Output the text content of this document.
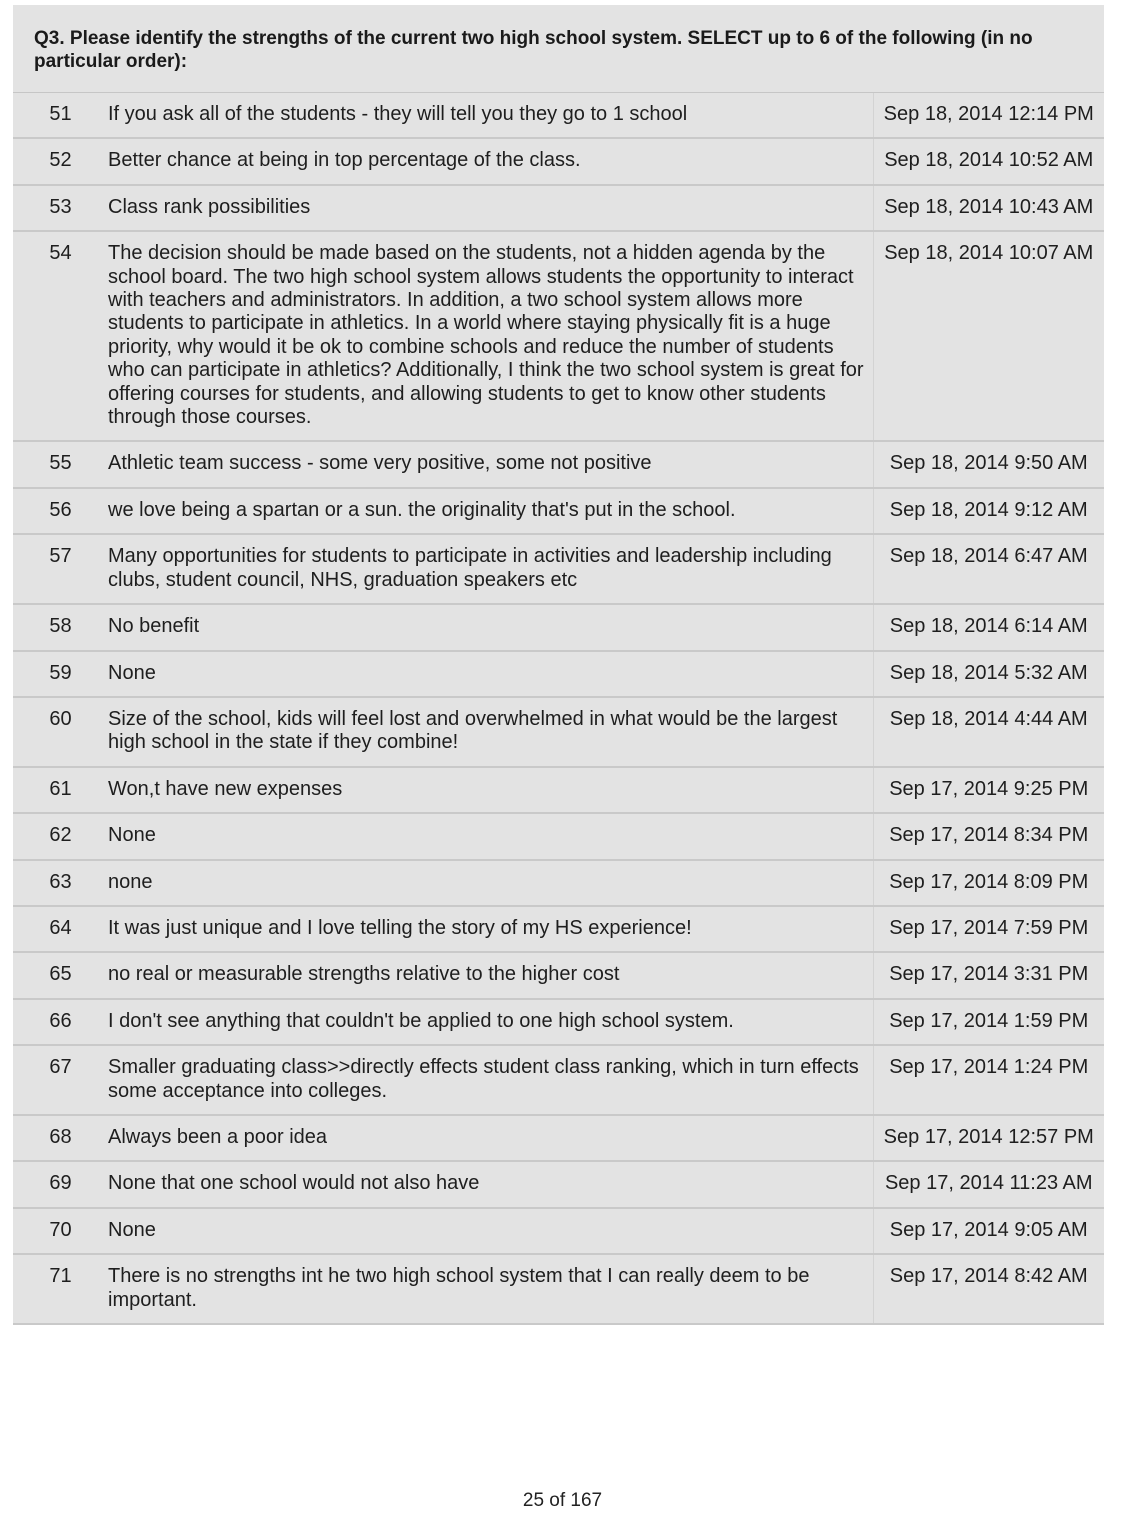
Q3. Please identify the strengths of the current two high school system. SELECT up to 6 of the following (in no particular order):
51	If you ask all of the students - they will tell you they go to 1 school	Sep 18, 2014 12:14 PM
52	Better chance at being in top percentage of the class.	Sep 18, 2014 10:52 AM
53	Class rank possibilities	Sep 18, 2014 10:43 AM
54	The decision should be made based on the students, not a hidden agenda by the school board. The two high school system allows students the opportunity to interact with teachers and administrators. In addition, a two school system allows more students to participate in athletics. In a world where staying physically fit is a huge priority, why would it be ok to combine schools and reduce the number of students who can participate in athletics? Additionally, I think the two school system is great for offering courses for students, and allowing students to get to know other students through those courses.	Sep 18, 2014 10:07 AM
55	Athletic team success - some very positive, some not positive	Sep 18, 2014 9:50 AM
56	we love being a spartan or a sun. the originality that's put in the school.	Sep 18, 2014 9:12 AM
57	Many opportunities for students to participate in activities and leadership including clubs, student council, NHS, graduation speakers etc	Sep 18, 2014 6:47 AM
58	No benefit	Sep 18, 2014 6:14 AM
59	None	Sep 18, 2014 5:32 AM
60	Size of the school, kids will feel lost and overwhelmed in what would be the largest high school in the state if they combine!	Sep 18, 2014 4:44 AM
61	Won,t have new expenses	Sep 17, 2014 9:25 PM
62	None	Sep 17, 2014 8:34 PM
63	none	Sep 17, 2014 8:09 PM
64	It was just unique and I love telling the story of my HS experience!	Sep 17, 2014 7:59 PM
65	no real or measurable strengths relative to the higher cost	Sep 17, 2014 3:31 PM
66	I don't see anything that couldn't be applied to one high school system.	Sep 17, 2014 1:59 PM
67	Smaller graduating class>>directly effects student class ranking, which in turn effects some acceptance into colleges.	Sep 17, 2014 1:24 PM
68	Always been a poor idea	Sep 17, 2014 12:57 PM
69	None that one school would not also have	Sep 17, 2014 11:23 AM
70	None	Sep 17, 2014 9:05 AM
71	There is no strengths int he two high school system that I can really deem to be important.	Sep 17, 2014 8:42 AM
25 of 167
